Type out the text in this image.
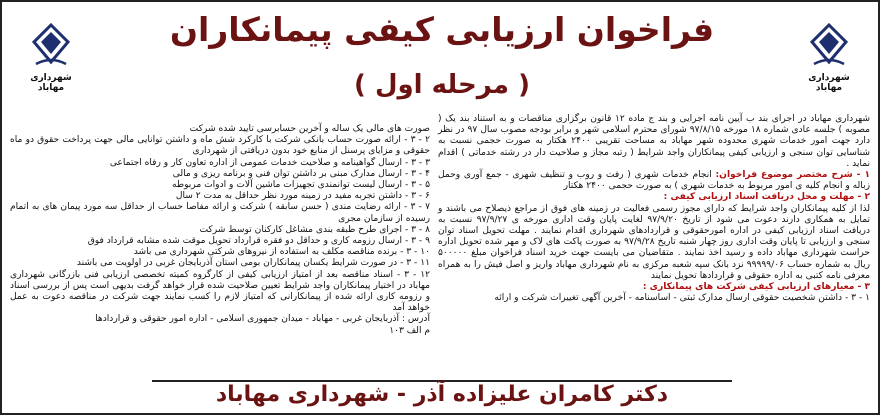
شهرداری مهاباد
شهرداری مهاباد
فراخوان ارزیابی کیفی پیمانکاران
( مرحله اول )

شهرداری مهاباد در اجرای بند ب آیین نامه اجرایی و بند ج ماده ۱۲ قانون برگزاری مناقصات و به استناد بند یک ( مصوبه ) جلسه عادی شماره ۱۸ مورخه ۹۷/۸/۱۵ شورای محترم اسلامی شهر و برابر بودجه مصوب سال ۹۷ در نظر دارد جهت امور خدمات شهری محدوده شهر مهاباد به مساحت تقریبی ۲۴۰۰ هکتار به صورت حجمی نسبت به شناسایی توان سنجی و ارزیابی کیفی پیمانکاران واجد شرایط ( رتبه مجاز و صلاحیت دار در رشته خدماتی ) اقدام نماید .

۱ - شرح مختصر موضوع فراخوان: انجام خدمات شهری ( رفت و روب و تنظیف شهری - جمع آوری وحمل زباله و انجام کلیه ی امور مربوط به خدمات شهری ) به صورت حجمی ۲۴۰۰ هکتار

۲ - مهلت و محل دریافت اسناد ارزیابی کیفی :

لذا از کلیه پیمانکاران واجد شرایط که دارای مجوز رسمی فعالیت در زمینه های فوق از مراجع ذیصلاح می باشند و تمایل به همکاری دارند دعوت می شود از تاریخ ۹۷/۹/۲۰ لغایت پایان وقت اداری مورخه ی ۹۷/۹/۲۷ نسبت به دریافت اسناد ارزیابی کیفی در اداره امورحقوقی و قراردادهای شهرداری اقدام نمایند . مهلت تحویل اسناد توان سنجی و ارزیابی تا پایان وقت اداری روز چهار شنبه تاریخ ۹۷/۹/۲۸ به صورت پاکت های لاک و مهر شده تحویل اداره حراست شهرداری مهاباد داده و رسید اخذ نمایند . متقاضیان می بایست جهت خرید اسناد فراخوان مبلغ ۵۰۰۰۰۰ ریال به شماره حساب ۹۹۹۹۹/۰۶ نزد بانک سپه شعبه مرکزی به نام شهرداری مهاباد واریز و اصل فیش را به همراه معرفی نامه کتبی به اداره حقوقی و قراردادها تحویل نمایند

۳ - معیارهای ارزیابی کیفی شرکت های پیمانکاری :

۱ - ۳ - داشتن شخصیت حقوقی ارسال مدارک ثبتی - اساسنامه - آخرین آگهی تغییرات شرکت و ارائه

صورت های مالی یک ساله و آخرین حسابرسی تایید شده شرکت

۲ - ۳ - ارائه صورت حساب بانکی شرکت با کارکرد شش ماه و داشتن توانایی مالی جهت پرداخت حقوق دو ماه حقوقی و مزایای پرسنل از منابع خود بدون دریافتی از شهرداری

۳ - ۳ - ارسال گواهینامه و صلاحیت خدمات عمومی از اداره تعاون کار و رفاه اجتماعی

۴ - ۳ - ارسال مدارک مبنی بر داشتن توان فنی و برنامه ریزی و مالی

۵ - ۳ - ارسال لیست توانمندی تجهیزات ماشین آلات و ادوات مربوطه

۶ - ۳ - داشتن تجربه مفید در زمینه مورد نظر حداقل به مدت ۲ سال

۷ - ۳ - ارائه رضایت مندی ( حسن سابقه ) شرکت و ارائه مفاصا حساب از حداقل سه مورد پیمان های به اتمام رسیده از سازمان مجری

۸ - ۳ - اجرای طرح طبقه بندی مشاغل کارکنان توسط شرکت

۹ - ۳ - ارسال رزومه کاری و حداقل دو فقره قرارداد تحویل موقت شده مشابه قرارداد فوق

۱۰ - ۳ - برنده مناقصه مکلف به استفاده از نیروهای شرکتی شهرداری می باشد

۱۱ - ۳ - در صورت شرایط یکسان پیمانکاران بومی استان آذربایجان غربی در اولویت می باشند

۱۲ - ۳ - اسناد مناقصه بعد از امتیاز ارزیابی کیفی از کارگروه کمیته تخصصی ارزیابی فنی بازرگانی شهرداری مهاباد در اختیار پیمانکاران واجد شرایط تعیین صلاحیت شده قرار خواهد گرفت بدیهی است پس از بررسی اسناد و رزومه کاری ارائه شده از پیمانکارانی که امتیاز لازم را کسب نمایند جهت شرکت در مناقصه دعوت به عمل خواهد آمد

آدرس : آذربایجان غربی - مهاباد - میدان جمهوری اسلامی - اداره امور حقوقی و قراردادها

م الف ۱۰۳

دکتر کامران علیزاده آذر - شهرداری مهاباد
